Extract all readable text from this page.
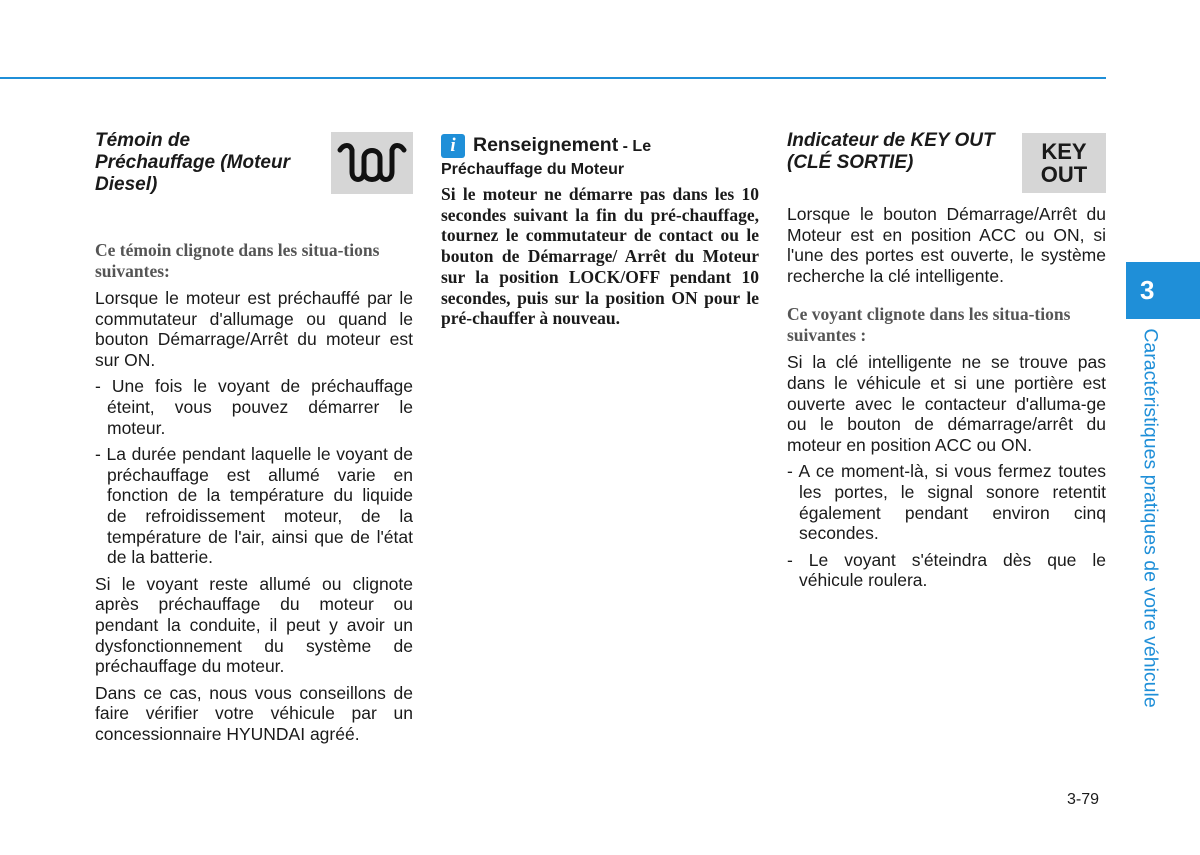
Témoin de Préchauffage (Moteur Diesel)

Ce témoin clignote dans les situa-tions suivantes:

Lorsque le moteur est préchauffé par le commutateur d'allumage ou quand le bouton Démarrage/Arrêt du moteur est sur ON.

- Une fois le voyant de préchauffage éteint, vous pouvez démarrer le moteur.

- La durée pendant laquelle le voyant de préchauffage est allumé varie en fonction de la température du liquide de refroidissement moteur, de la température de l'air, ainsi que de l'état de la batterie.

Si le voyant reste allumé ou clignote après préchauffage du moteur ou pendant la conduite, il peut y avoir un dysfonctionnement du système de préchauffage du moteur.

Dans ce cas, nous vous conseillons de faire vérifier votre véhicule par un concessionnaire HYUNDAI agréé.

i Renseignement - Le

Préchauffage du Moteur

Si le moteur ne démarre pas dans les 10 secondes suivant la fin du pré-chauffage, tournez le commutateur de contact ou le bouton de Démarrage/ Arrêt du Moteur sur la position LOCK/OFF pendant 10 secondes, puis sur la position ON pour le pré-chauffer à nouveau.

Indicateur de KEY OUT (CLÉ SORTIE)	KEY
OUT

Lorsque le bouton Démarrage/Arrêt du Moteur est en position ACC ou ON, si l'une des portes est ouverte, le système recherche la clé intelligente.

Ce voyant clignote dans les situa-tions suivantes :

Si la clé intelligente ne se trouve pas dans le véhicule et si une portière est ouverte avec le contacteur d'alluma-ge ou le bouton de démarrage/arrêt du moteur en position ACC ou ON.

- A ce moment-là, si vous fermez toutes les portes, le signal sonore retentit également pendant environ cinq secondes.

- Le voyant s'éteindra dès que le véhicule roulera.

3
Caractéristiques pratiques de votre véhicule
3-79
